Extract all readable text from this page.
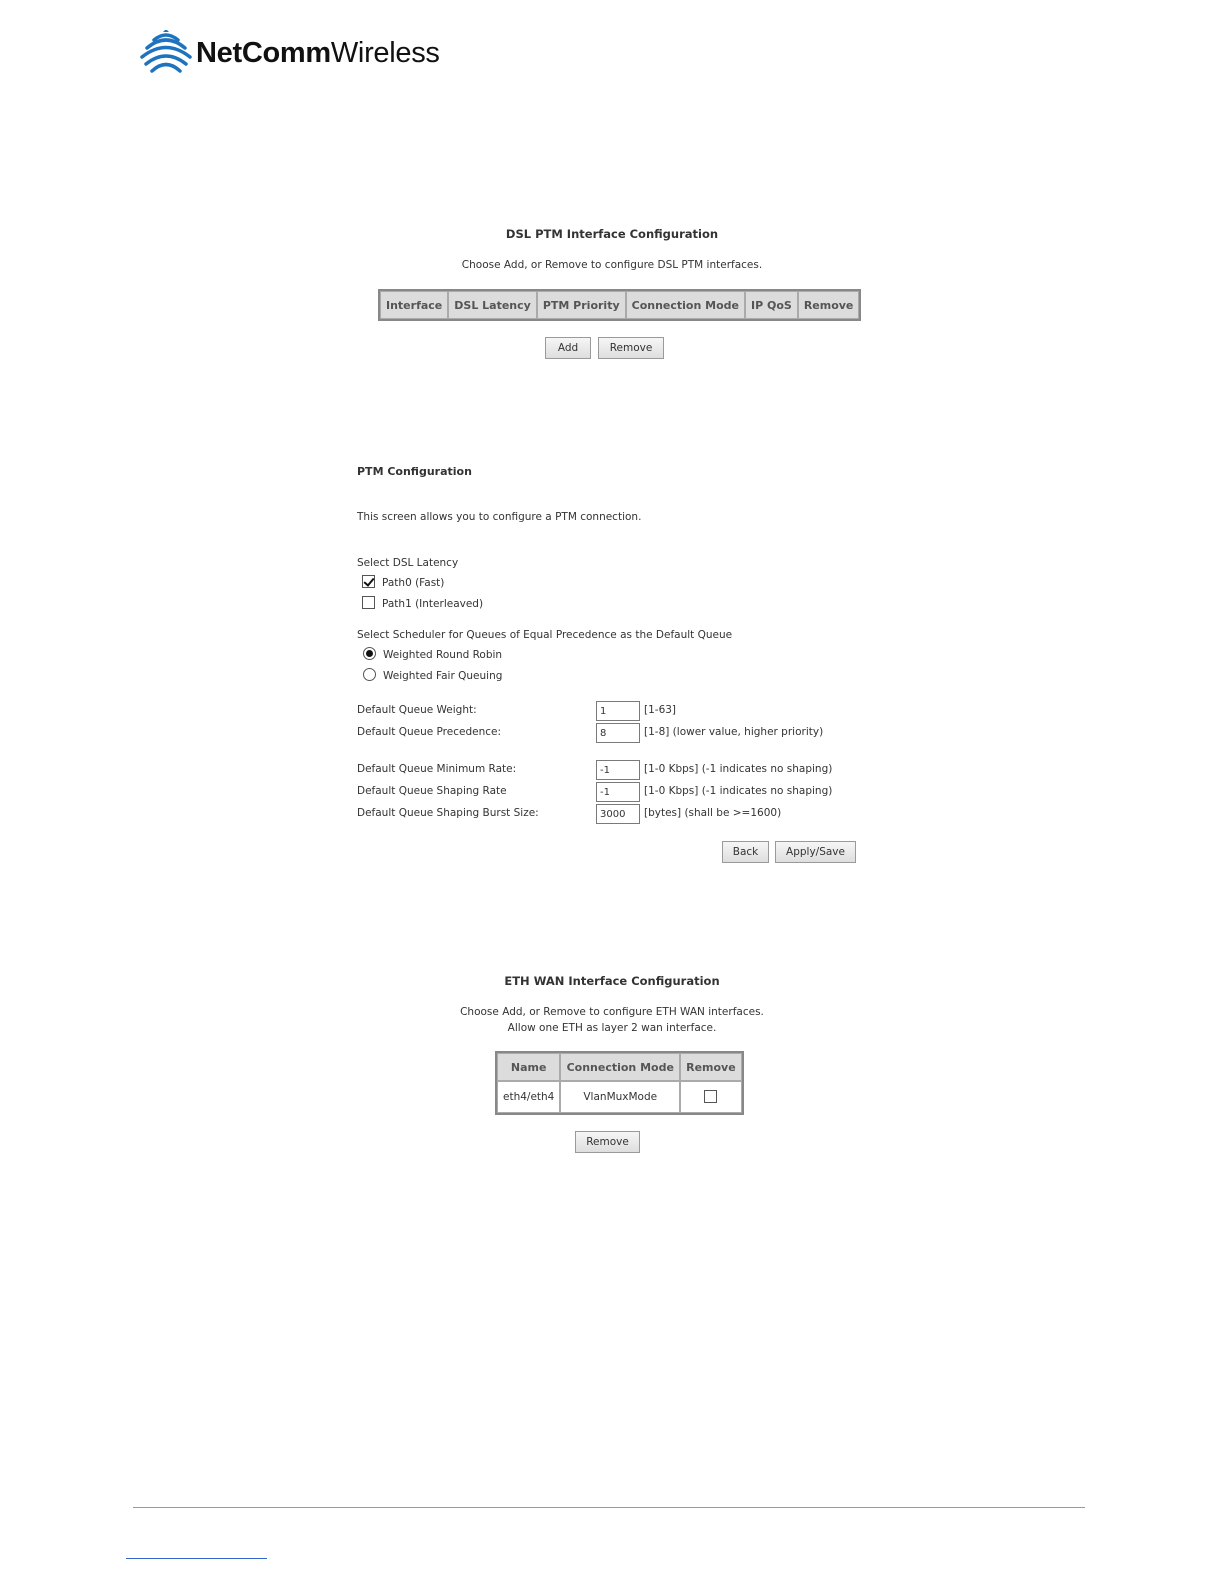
NetCommWireless
DSL PTM Interface Configuration
Choose Add, or Remove to configure DSL PTM interfaces.
Interface	DSL Latency	PTM Priority	Connection Mode	IP QoS	Remove
Add	Remove
PTM Configuration
This screen allows you to configure a PTM connection.
Select DSL Latency
Path0 (Fast)
Path1 (Interleaved)
Select Scheduler for Queues of Equal Precedence as the Default Queue
Weighted Round Robin
Weighted Fair Queuing
Default Queue Weight:
1	[1-63]
Default Queue Precedence:
8	[1-8] (lower value, higher priority)
Default Queue Minimum Rate:
-1	[1-0 Kbps] (-1 indicates no shaping)
Default Queue Shaping Rate
-1	[1-0 Kbps] (-1 indicates no shaping)
Default Queue Shaping Burst Size:
3000	[bytes] (shall be >=1600)
Back	Apply/Save
ETH WAN Interface Configuration
Choose Add, or Remove to configure ETH WAN interfaces.
Allow one ETH as layer 2 wan interface.
Name	Connection Mode	Remove
eth4/eth4	VlanMuxMode	
Remove
